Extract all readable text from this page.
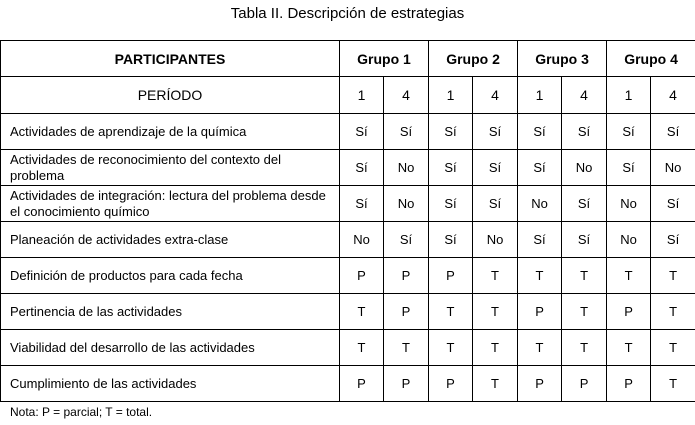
Tabla II. Descripción de estrategias
PARTICIPANTES	Grupo 1		Grupo 2		Grupo 3		Grupo 4	
PERÍODO	1	4	1	4	1	4	1	4
Actividades de aprendizaje de la química	Sí	Sí	Sí	Sí	Sí	Sí	Sí	Sí
Actividades de reconocimiento del contexto del problema	Sí	No	Sí	Sí	Sí	No	Sí	No
Actividades de integración: lectura del problema desde el conocimiento químico	Sí	No	Sí	Sí	No	Sí	No	Sí
Planeación de actividades extra-clase	No	Sí	Sí	No	Sí	Sí	No	Sí
Definición de productos para cada fecha	P	P	P	T	T	T	T	T
Pertinencia de las actividades	T	P	T	T	P	T	P	T
Viabilidad del desarrollo de las actividades	T	T	T	T	T	T	T	T
Cumplimiento de las actividades	P	P	P	T	P	P	P	T
Nota: P = parcial; T = total.
